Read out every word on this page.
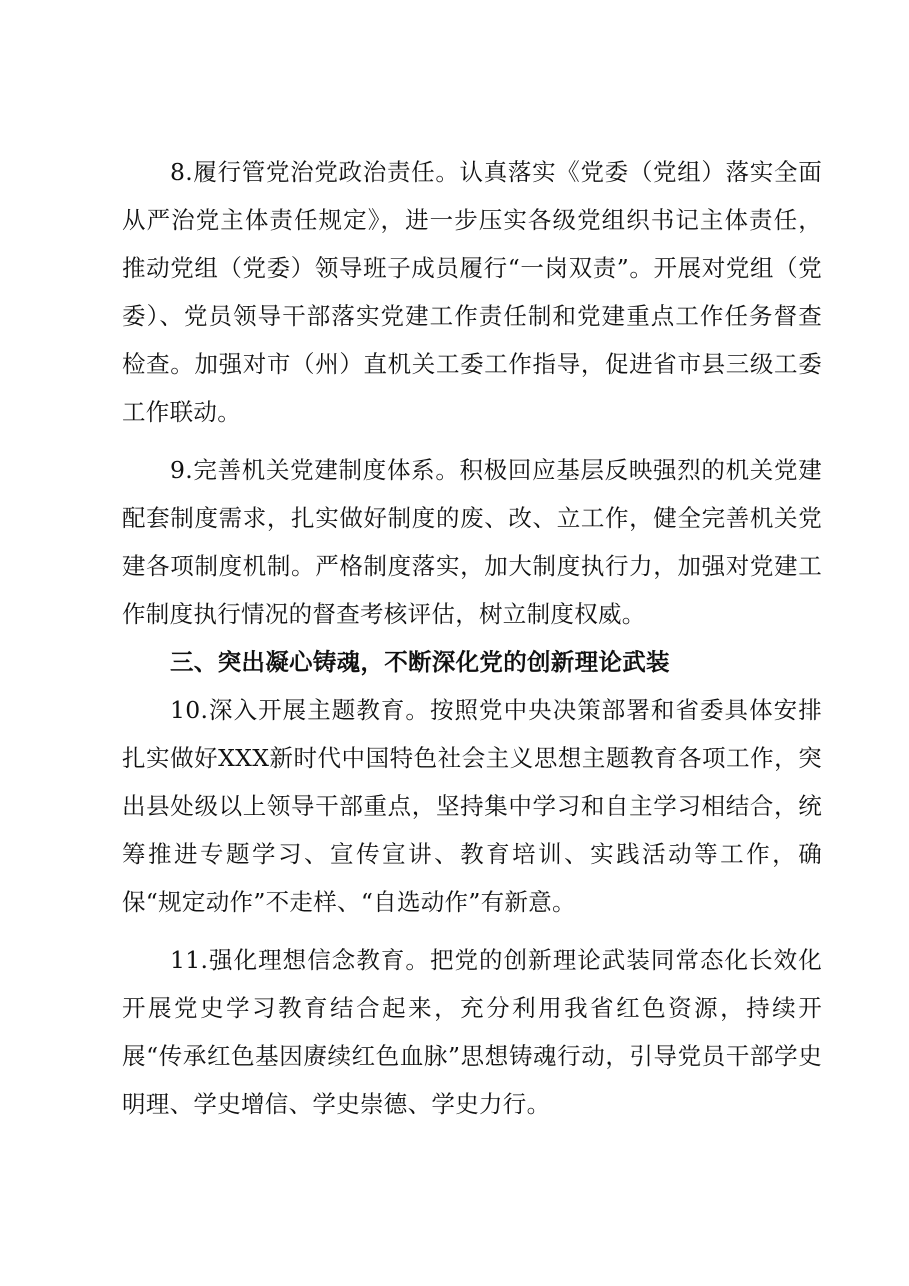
8.履行管党治党政治责任。认真落实《党委（党组）落实全面从严治党主体责任规定》，进一步压实各级党组织书记主体责任，推动党组（党委）领导班子成员履行“一岗双责”。开展对党组（党委）、党员领导干部落实党建工作责任制和党建重点工作任务督查检查。加强对市（州）直机关工委工作指导，促进省市县三级工委工作联动。

9.完善机关党建制度体系。积极回应基层反映强烈的机关党建配套制度需求，扎实做好制度的废、改、立工作，健全完善机关党建各项制度机制。严格制度落实，加大制度执行力，加强对党建工作制度执行情况的督查考核评估，树立制度权威。

三、突出凝心铸魂，不断深化党的创新理论武装

10.深入开展主题教育。按照党中央决策部署和省委具体安排扎实做好XXX新时代中国特色社会主义思想主题教育各项工作，突出县处级以上领导干部重点，坚持集中学习和自主学习相结合，统筹推进专题学习、宣传宣讲、教育培训、实践活动等工作，确保“规定动作”不走样、“自选动作”有新意。

11.强化理想信念教育。把党的创新理论武装同常态化长效化开展党史学习教育结合起来，充分利用我省红色资源，持续开展“传承红色基因赓续红色血脉”思想铸魂行动，引导党员干部学史明理、学史增信、学史崇德、学史力行。
